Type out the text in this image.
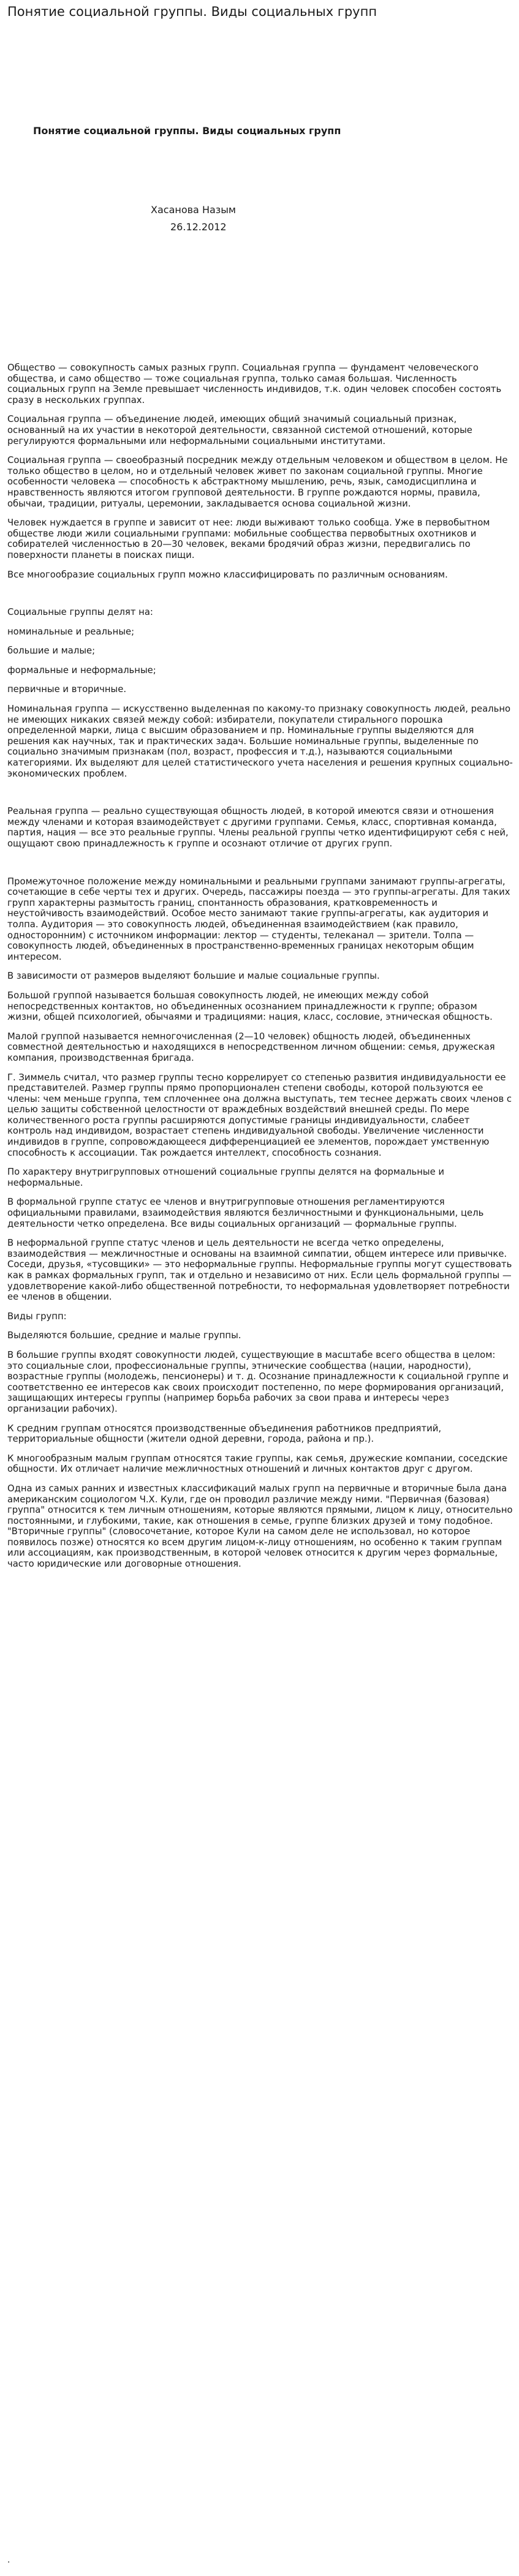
Понятие социальной группы. Виды социальных групп
Понятие социальной группы. Виды социальных групп
Хасанова Назым
26.12.2012

Общество — совокупность самых разных групп. Социальная группа — фундамент человеческого общества, и само общество — тоже социальная группа, только самая большая. Численность социальных групп на Земле превышает численность индивидов, т.к. один человек способен состоять сразу в нескольких группах.

Социальная группа — объединение людей, имеющих общий значимый социальный признак, основанный на их участии в некоторой деятельности, связанной системой отношений, которые регулируются формальными или неформальными социальными институтами.

Социальная группа — своеобразный посредник между отдельным человеком и обществом в целом. Не только общество в целом, но и отдельный человек живет по законам социальной группы. Многие особенности человека — способность к абстрактному мышлению, речь, язык, самодисциплина и нравственность являются итогом групповой деятельности. В группе рождаются нормы, правила, обычаи, традиции, ритуалы, церемонии, закладывается основа социальной жизни.

Человек нуждается в группе и зависит от нее: люди выживают только сообща. Уже в первобытном обществе люди жили социальными группами: мобильные сообщества первобытных охотников и собирателей численностью в 20—30 человек, веками бродячий образ жизни, передвигались по поверхности планеты в поисках пищи.

Все многообразие социальных групп можно классифицировать по различным основаниям.

Социальные группы делят на:

номинальные и реальные;

большие и малые;

формальные и неформальные;

первичные и вторичные.

Номинальная группа — искусственно выделенная по какому-то признаку совокупность людей, реально не имеющих никаких связей между собой: избиратели, покупатели стирального порошка определенной марки, лица с высшим образованием и пр. Номинальные группы выделяются для решения как научных, так и практических задач. Большие номинальные группы, выделенные по социально значимым признакам (пол, возраст, профессия и т.д.), называются социальными категориями. Их выделяют для целей статистического учета населения и решения крупных социально-экономических проблем.

Реальная группа — реально существующая общность людей, в которой имеются связи и отношения между членами и которая взаимодействует с другими группами. Семья, класс, спортивная команда, партия, нация — все это реальные группы. Члены реальной группы четко идентифицируют себя с ней, ощущают свою принадлежность к группе и осознают отличие от других групп.

Промежуточное положение между номинальными и реальными группами занимают группы-агрегаты, сочетающие в себе черты тех и других. Очередь, пассажиры поезда — это группы-агрегаты. Для таких групп характерны размытость границ, спонтанность образования, кратковременность и неустойчивость взаимодействий. Особое место занимают такие группы-агрегаты, как аудитория и толпа. Аудитория — это совокупность людей, объединенная взаимодействием (как правило, односторонним) с источником информации: лектор — студенты, телеканал — зрители. Толпа — совокупность людей, объединенных в пространственно-временных границах некоторым общим интересом.

В зависимости от размеров выделяют большие и малые социальные группы.

Большой группой называется большая совокупность людей, не имеющих между собой непосредственных контактов, но объединенных осознанием принадлежности к группе; образом жизни, общей психологией, обычаями и традициями: нация, класс, сословие, этническая общность.

Малой группой называется немногочисленная (2—10 человек) общность людей, объединенных совместной деятельностью и находящихся в непосредственном личном общении: семья, дружеская компания, производственная бригада.

Г. Зиммель считал, что размер группы тесно коррелирует со степенью развития индивидуальности ее представителей. Размер группы прямо пропорционален степени свободы, которой пользуются ее члены: чем меньше группа, тем сплоченнее она должна выступать, тем теснее держать своих членов с целью защиты собственной целостности от враждебных воздействий внешней среды. По мере количественного роста группы расширяются допустимые границы индивидуальности, слабеет контроль над индивидом, возрастает степень индивидуальной свободы. Увеличение численности индивидов в группе, сопровождающееся дифференциацией ее элементов, порождает умственную способность к ассоциации. Так рождается интеллект, способность сознания.

По характеру внутригрупповых отношений социальные группы делятся на формальные и неформальные.

В формальной группе статус ее членов и внутригрупповые отношения регламентируются официальными правилами, взаимодействия являются безличностными и функциональными, цель деятельности четко определена. Все виды социальных организаций — формальные группы.

В неформальной группе статус членов и цель деятельности не всегда четко определены, взаимодействия — межличностные и основаны на взаимной симпатии, общем интересе или привычке. Соседи, друзья, «тусовщики» — это неформальные группы. Неформальные группы могут существовать как в рамках формальных групп, так и отдельно и независимо от них. Если цель формальной группы — удовлетворение какой-либо общественной потребности, то неформальная удовлетворяет потребности ее членов в общении.

Виды групп:

Выделяются большие, средние и малые группы.

В большие группы входят совокупности людей, существующие в масштабе всего общества в целом: это социальные слои, профессиональные группы, этнические сообщества (нации, народности), возрастные группы (молодежь, пенсионеры) и т. д. Осознание принадлежности к социальной группе и соответственно ее интересов как своих происходит постепенно, по мере формирования организаций, защищающих интересы группы (например борьба рабочих за свои права и интересы через организации рабочих).

К средним группам относятся производственные объединения работников предприятий, территориальные общности (жители одной деревни, города, района и пр.).

К многообразным малым группам относятся такие группы, как семья, дружеские компании, соседские общности. Их отличает наличие межличностных отношений и личных контактов друг с другом.

Одна из самых ранних и известных классификаций малых групп на первичные и вторичные была дана американским социологом Ч.Х. Кули, где он проводил различие между ними. "Первичная (базовая) группа" относится к тем личным отношениям, которые являются прямыми, лицом к лицу, относительно постоянными, и глубокими, такие, как отношения в семье, группе близких друзей и тому подобное. "Вторичные группы" (словосочетание, которое Кули на самом деле не использовал, но которое появилось позже) относятся ко всем другим лицом-к-лицу отношениям, но особенно к таким группам или ассоциациям, как производственным, в которой человек относится к другим через формальные, часто юридические или договорные отношения.

.
